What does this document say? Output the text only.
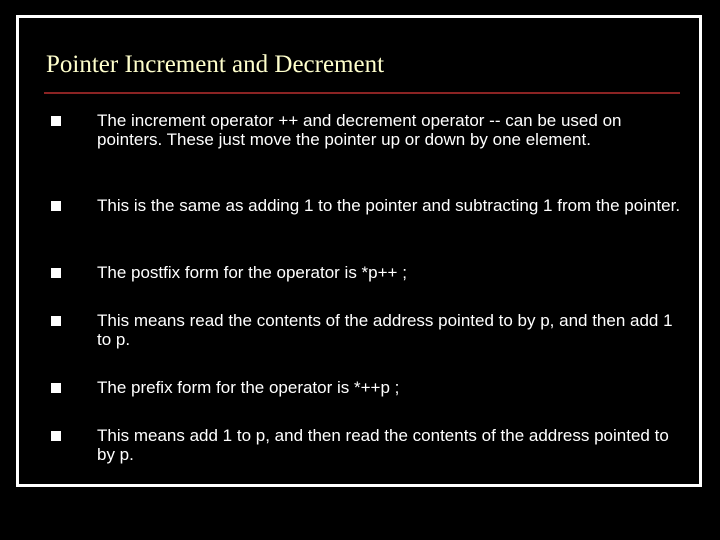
Pointer Increment and Decrement
The increment operator ++ and decrement operator -- can be used on pointers. These just move the pointer up or down by one element.
This is the same as adding 1 to the pointer and subtracting 1 from the pointer.
The postfix form for the operator is *p++ ;
This means read the contents of the address pointed to by p, and then add 1 to p.
The prefix form for the operator is *++p ;
This means add 1 to p, and then read the contents of the address pointed to by p.
